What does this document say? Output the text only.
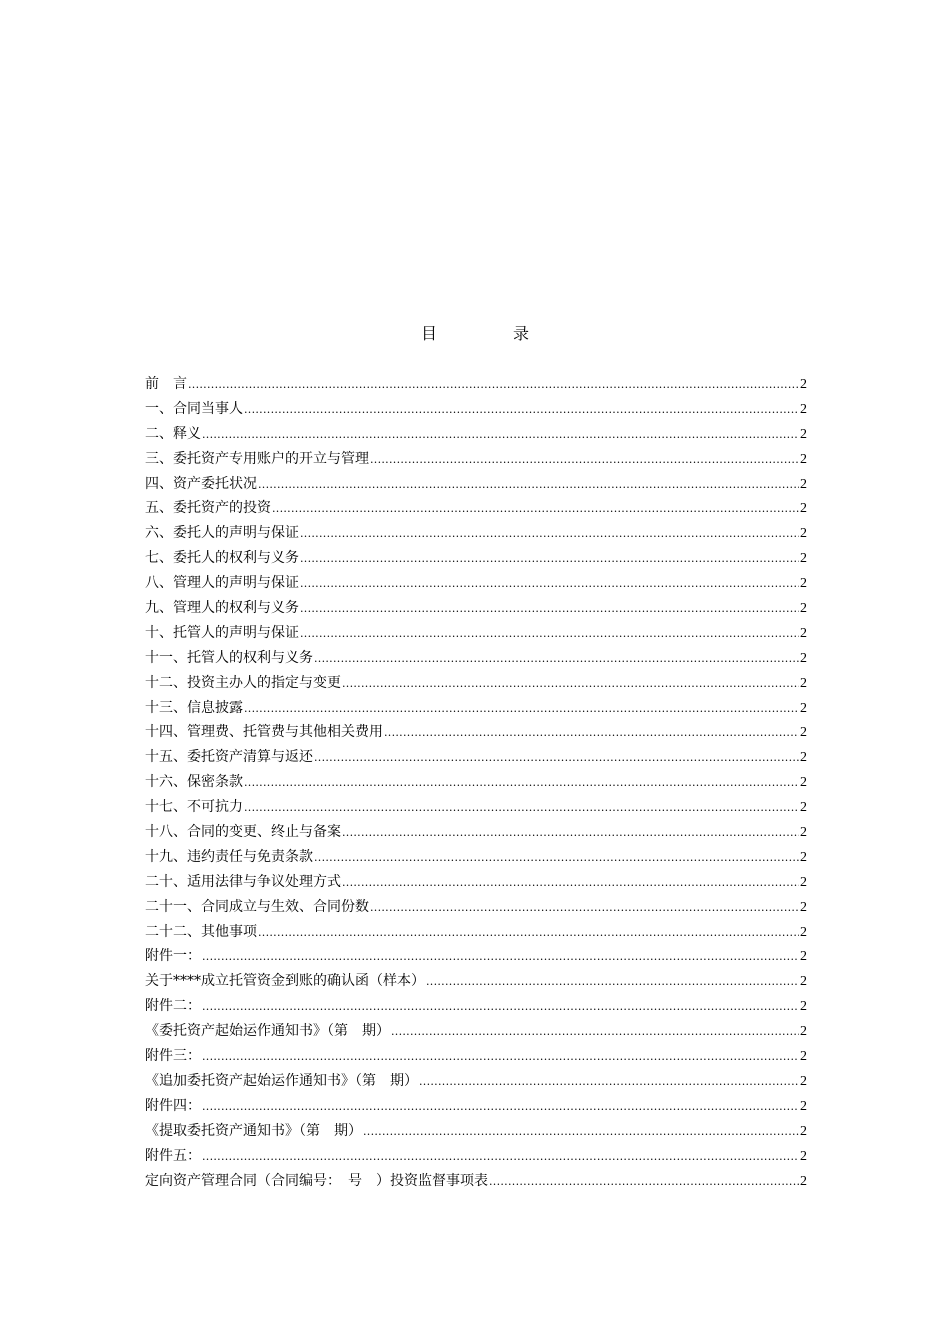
目　录
前　言 .....	2
一、合同当事人 .....	2
二、释义 .....	2
三、委托资产专用账户的开立与管理 .....	2
四、资产委托状况 .....	2
五、委托资产的投资 .....	2
六、委托人的声明与保证 .....	2
七、委托人的权利与义务 .....	2
八、管理人的声明与保证 .....	2
九、管理人的权利与义务 .....	2
十、托管人的声明与保证 .....	2
十一、托管人的权利与义务 .....	2
十二、投资主办人的指定与变更 .....	2
十三、信息披露 .....	2
十四、管理费、托管费与其他相关费用 .....	2
十五、委托资产清算与返还 .....	2
十六、保密条款 .....	2
十七、不可抗力 .....	2
十八、合同的变更、终止与备案 .....	2
十九、违约责任与免责条款 .....	2
二十、适用法律与争议处理方式 .....	2
二十一、合同成立与生效、合同份数 .....	2
二十二、其他事项 .....	2
附件一： .....	2
关于****成立托管资金到账的确认函（样本） .....	2
附件二： .....	2
《委托资产起始运作通知书》（第　期） .....	2
附件三： .....	2
《追加委托资产起始运作通知书》（第　期） .....	2
附件四： .....	2
《提取委托资产通知书》（第　期） .....	2
附件五： .....	2
定向资产管理合同（合同编号：　号　）投资监督事项表 .....	2
